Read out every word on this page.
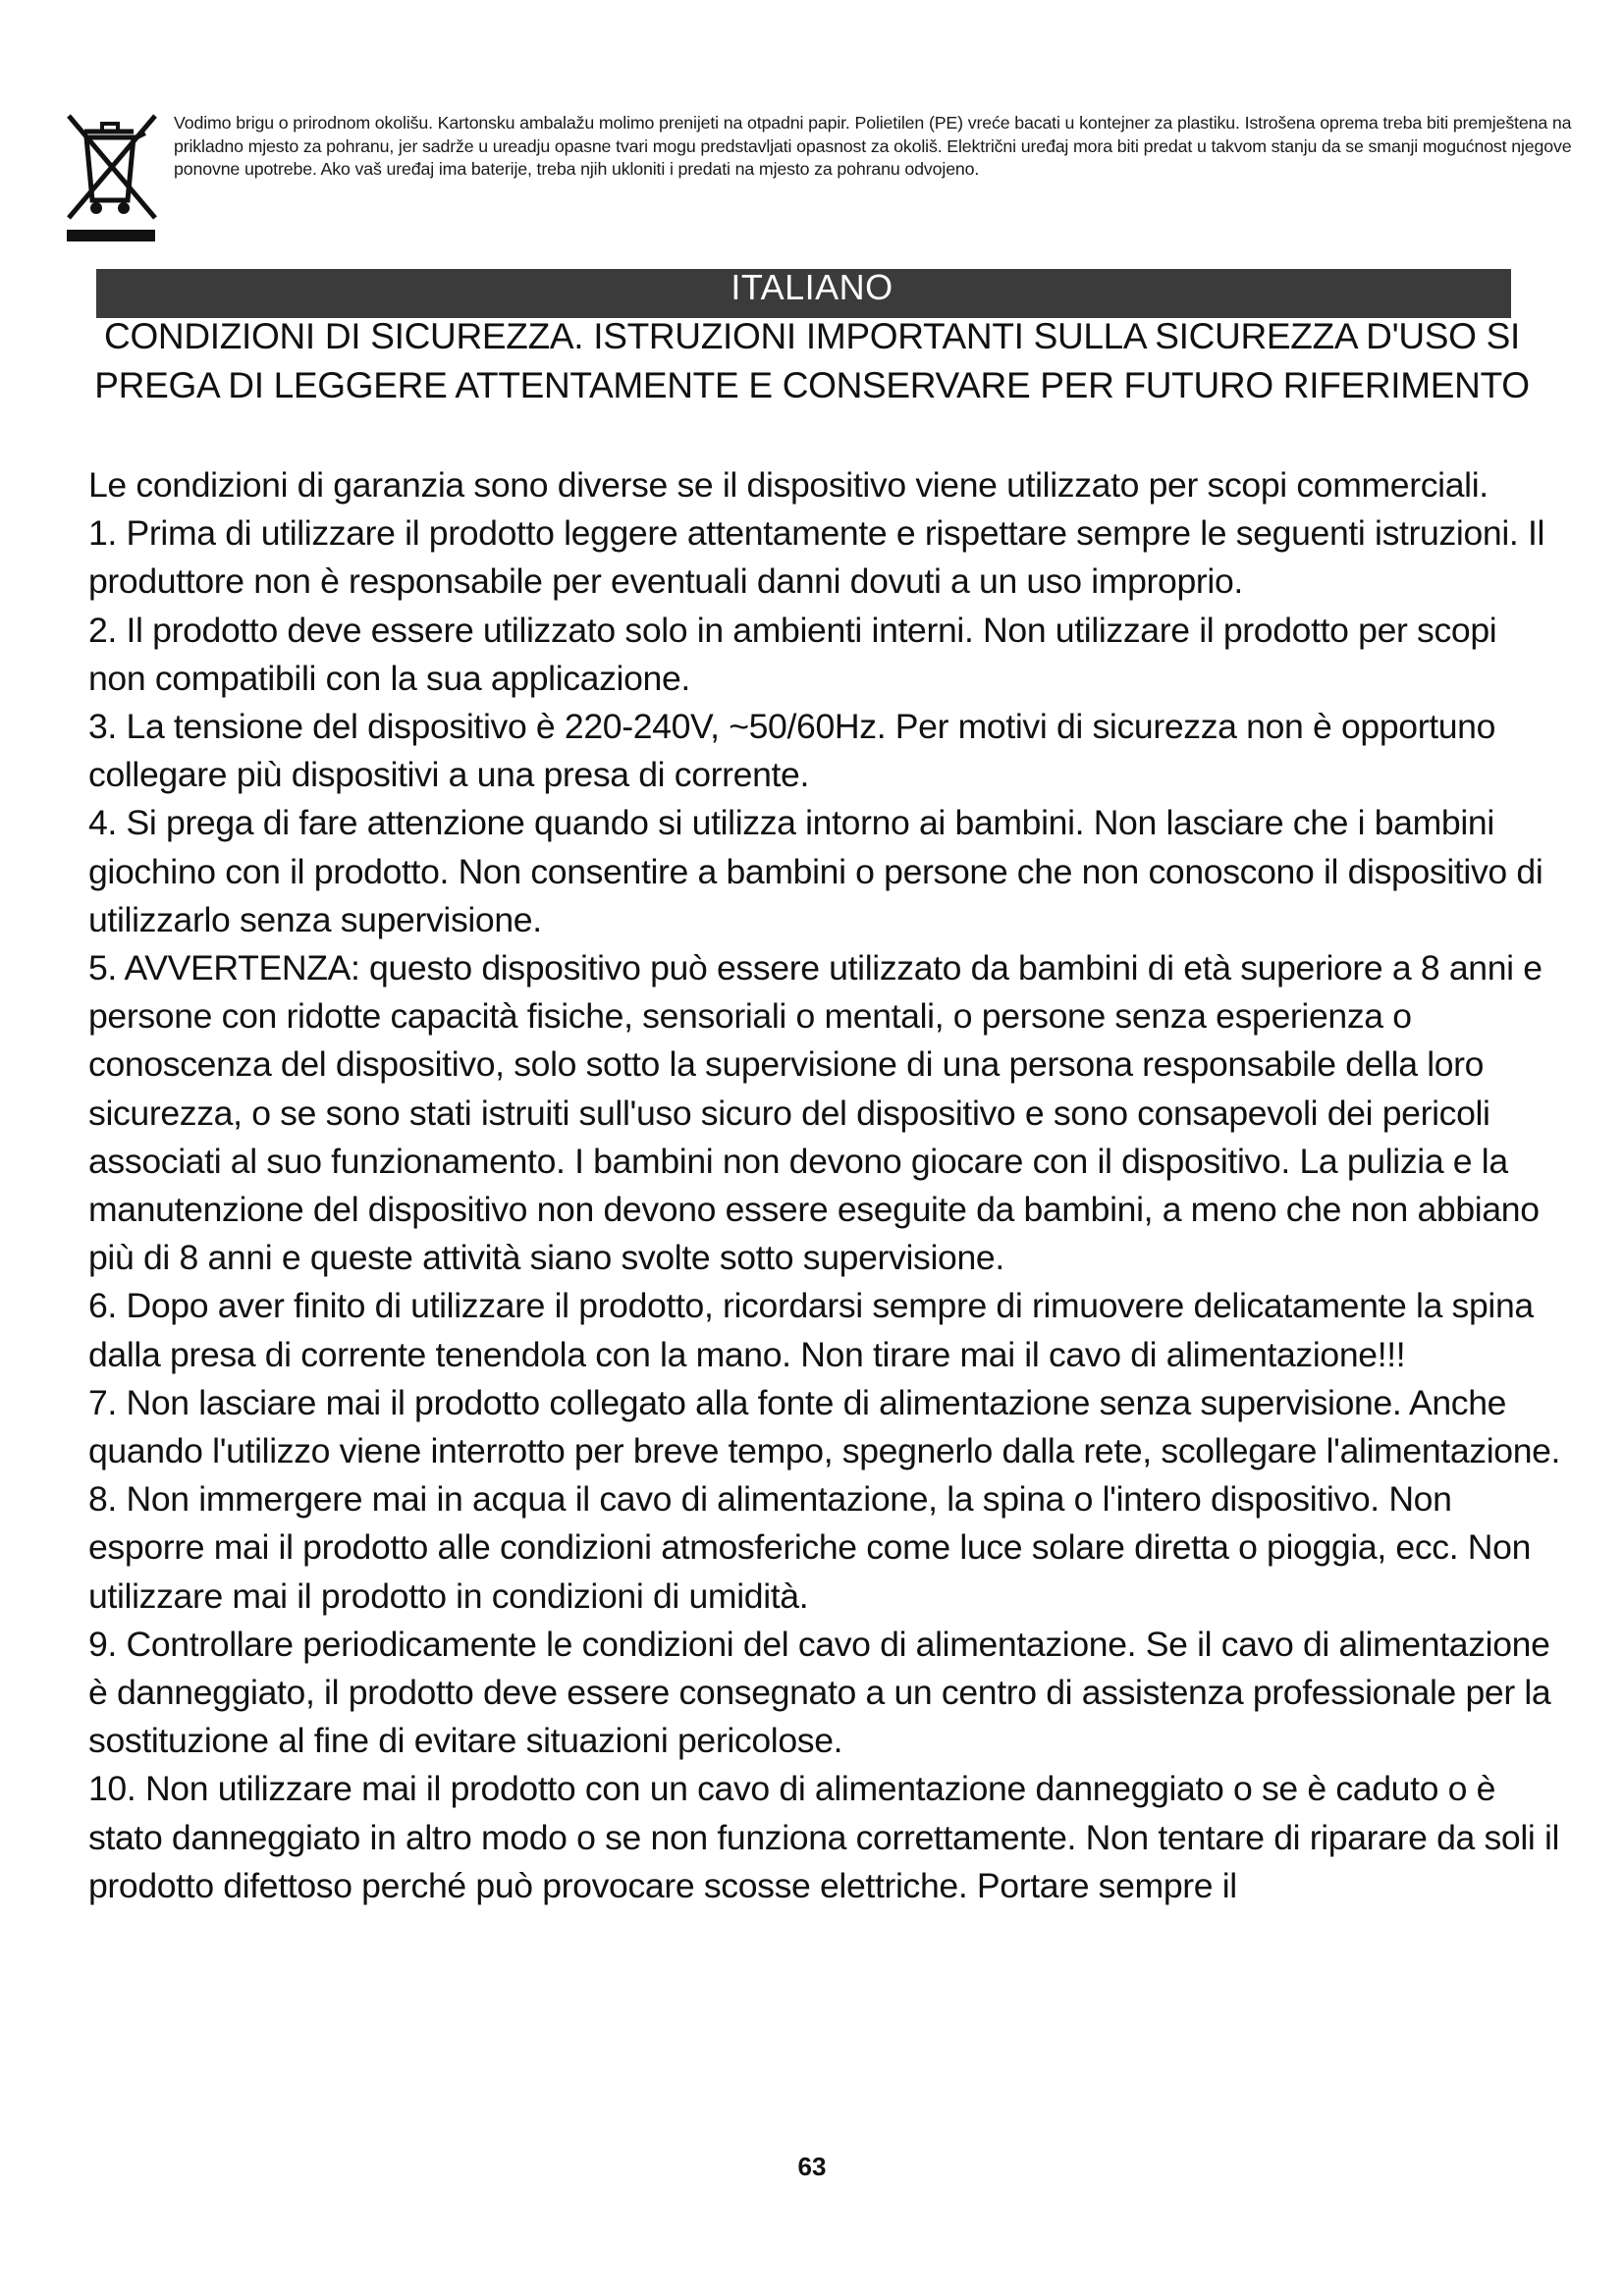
Vodimo brigu o prirodnom okolišu. Kartonsku ambalažu molimo prenijeti na otpadni papir. Polietilen (PE) vreće bacati u kontejner za plastiku. Istrošena oprema treba biti premještena na prikladno mjesto za pohranu, jer sadrže u ureadju opasne tvari mogu predstavljati opasnost za okoliš. Električni uređaj mora biti predat u takvom stanju da se smanji mogućnost njegove ponovne upotrebe. Ako vaš uređaj ima baterije, treba njih ukloniti i predati na mjesto za pohranu odvojeno.
ITALIANO
CONDIZIONI DI SICUREZZA. ISTRUZIONI IMPORTANTI SULLA SICUREZZA D'USO SI PREGA DI LEGGERE ATTENTAMENTE E CONSERVARE PER FUTURO RIFERIMENTO

Le condizioni di garanzia sono diverse se il dispositivo viene utilizzato per scopi commerciali.

1. Prima di utilizzare il prodotto leggere attentamente e rispettare sempre le seguenti istruzioni. Il produttore non è responsabile per eventuali danni dovuti a un uso improprio.

2. Il prodotto deve essere utilizzato solo in ambienti interni. Non utilizzare il prodotto per scopi non compatibili con la sua applicazione.

3. La tensione del dispositivo è 220-240V, ~50/60Hz. Per motivi di sicurezza non è opportuno collegare più dispositivi a una presa di corrente.

4. Si prega di fare attenzione quando si utilizza intorno ai bambini. Non lasciare che i bambini giochino con il prodotto. Non consentire a bambini o persone che non conoscono il dispositivo di utilizzarlo senza supervisione.

5. AVVERTENZA: questo dispositivo può essere utilizzato da bambini di età superiore a 8 anni e persone con ridotte capacità fisiche, sensoriali o mentali, o persone senza esperienza o conoscenza del dispositivo, solo sotto la supervisione di una persona responsabile della loro sicurezza, o se sono stati istruiti sull'uso sicuro del dispositivo e sono consapevoli dei pericoli associati al suo funzionamento. I bambini non devono giocare con il dispositivo. La pulizia e la manutenzione del dispositivo non devono essere eseguite da bambini, a meno che non abbiano più di 8 anni e queste attività siano svolte sotto supervisione.

6. Dopo aver finito di utilizzare il prodotto, ricordarsi sempre di rimuovere delicatamente la spina dalla presa di corrente tenendola con la mano. Non tirare mai il cavo di alimentazione!!!

7. Non lasciare mai il prodotto collegato alla fonte di alimentazione senza supervisione. Anche quando l'utilizzo viene interrotto per breve tempo, spegnerlo dalla rete, scollegare l'alimentazione.

8. Non immergere mai in acqua il cavo di alimentazione, la spina o l'intero dispositivo. Non esporre mai il prodotto alle condizioni atmosferiche come luce solare diretta o pioggia, ecc. Non utilizzare mai il prodotto in condizioni di umidità.

9. Controllare periodicamente le condizioni del cavo di alimentazione. Se il cavo di alimentazione è danneggiato, il prodotto deve essere consegnato a un centro di assistenza professionale per la sostituzione al fine di evitare situazioni pericolose.

10. Non utilizzare mai il prodotto con un cavo di alimentazione danneggiato o se è caduto o è stato danneggiato in altro modo o se non funziona correttamente. Non tentare di riparare da soli il prodotto difettoso perché può provocare scosse elettriche. Portare sempre il

63
